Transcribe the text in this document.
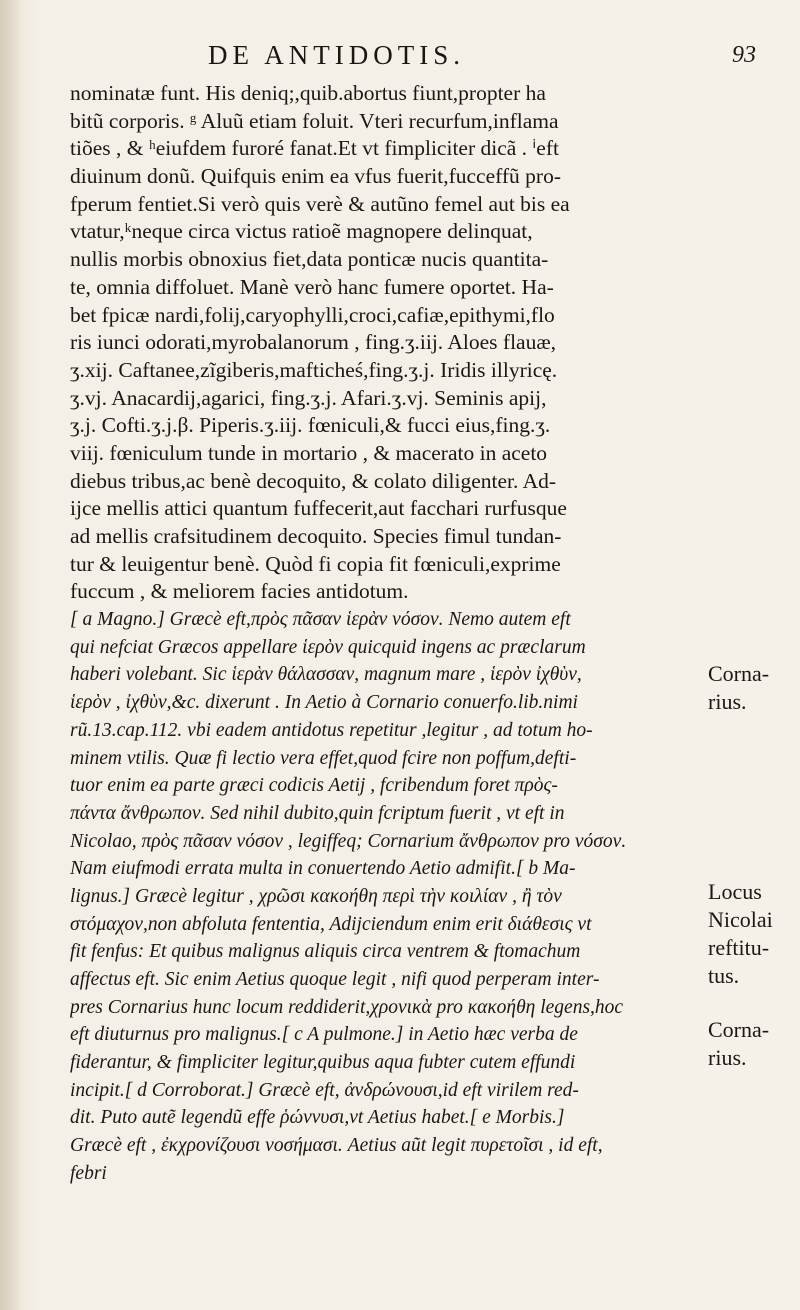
DE ANTIDOTIS.	93
nominatæ funt. His deniq;,quib.abortus fiunt,propter ha
bitũ corporis. ᵍ Aluũ etiam foluit. Vteri recurfum,inflama
tiões , & ʰeiufdem furoré fanat.Et vt fimpliciter dicã . ⁱeft
diuinum donũ. Quifquis enim ea vfus fuerit,fucceffũ pro-
fperum fentiet.Si verò quis verè & autũno femel aut bis ea
vtatur,ᵏneque circa victus ratioẽ magnopere delinquat,
nullis morbis obnoxius fiet,data ponticæ nucis quantita-
te, omnia diffoluet. Manè verò hanc fumere oportet. Ha-
bet fpicæ nardi,folij,caryophylli,croci,cafiæ,epithymi,flo
ris iunci odorati,myrobalanorum , fing.ʒ.iij. Aloes flauæ,
ʒ.xij. Caftanee,zĩgiberis,mafticheś,fing.ʒ.j. Iridis illyricę.
ʒ.vj. Anacardij,agarici, fing.ʒ.j. Afari.ʒ.vj. Seminis apij,
ʒ.j. Cofti.ʒ.j.β. Piperis.ʒ.iij. fœniculi,& fucci eius,fing.ʒ.
viij. fœniculum tunde in mortario , & macerato in aceto
diebus tribus,ac benè decoquito, & colato diligenter. Ad-
ijce mellis attici quantum fuffecerit,aut facchari rurfusque
ad mellis crafsitudinem decoquito. Species fimul tundan-
tur & leuigentur benè. Quòd fi copia fit fœniculi,exprime
fuccum , & meliorem facies antidotum.
[ a Magno.] Græcè eft,πρὸς πᾶσαν ἱερὰν νόσον. Nemo autem eft
qui nefciat Græcos appellare ἱερὸν quicquid ingens ac præclarum
haberi volebant. Sic ἱερὰν θάλασσαν, magnum mare , ἱερὸν ἰχθὺν,
ἱερὸν , ἰχθὺν,&c. dixerunt . In Aetio à Cornario conuerfo.lib.nimi
rũ.13.cap.112. vbi eadem antidotus repetitur ,legitur , ad totum ho-
minem vtilis. Quæ fi lectio vera effet,quod fcire non poffum,defti-
tuor enim ea parte græci codicis Aetij , fcribendum foret πρὸς-
πάντα ἄνθρωπον. Sed nihil dubito,quin fcriptum fuerit , vt eft in
Nicolao, πρὸς πᾶσαν νόσον , legiffeq; Cornarium ἄνθρωπον pro νόσον.
Nam eiufmodi errata multa in conuertendo Aetio admifit.[ b Ma-
lignus.] Græcè legitur , χρῶσι κακοήθη περὶ τὴν κοιλίαν , ἢ τὸν
στόμαχον,non abfoluta fententia, Adijciendum enim erit διάθεσις vt
fit fenfus: Et quibus malignus aliquis circa ventrem & ftomachum
affectus eft. Sic enim Aetius quoque legit , nifi quod perperam inter-
pres Cornarius hunc locum reddiderit,χρονικὰ pro κακοήθη legens,hoc
eft diuturnus pro malignus.[ c A pulmone.] in Aetio hæc verba de
fiderantur, & fimpliciter legitur,quibus aqua fubter cutem effundi
incipit.[ d Corroborat.] Græcè eft, ἀνδρώνουσι,id eft virilem red-
dit. Puto autẽ legendũ effe ῥώννυσι,vt Aetius habet.[ e Morbis.]
Græcè eft , ἐκχρονίζουσι νοσήμασι. Aetius aũt legit πυρετοῖσι , id eft,
febri
Corna-
rius.
Locus
Nicolai
reftitu-
tus.
Corna-
rius.
